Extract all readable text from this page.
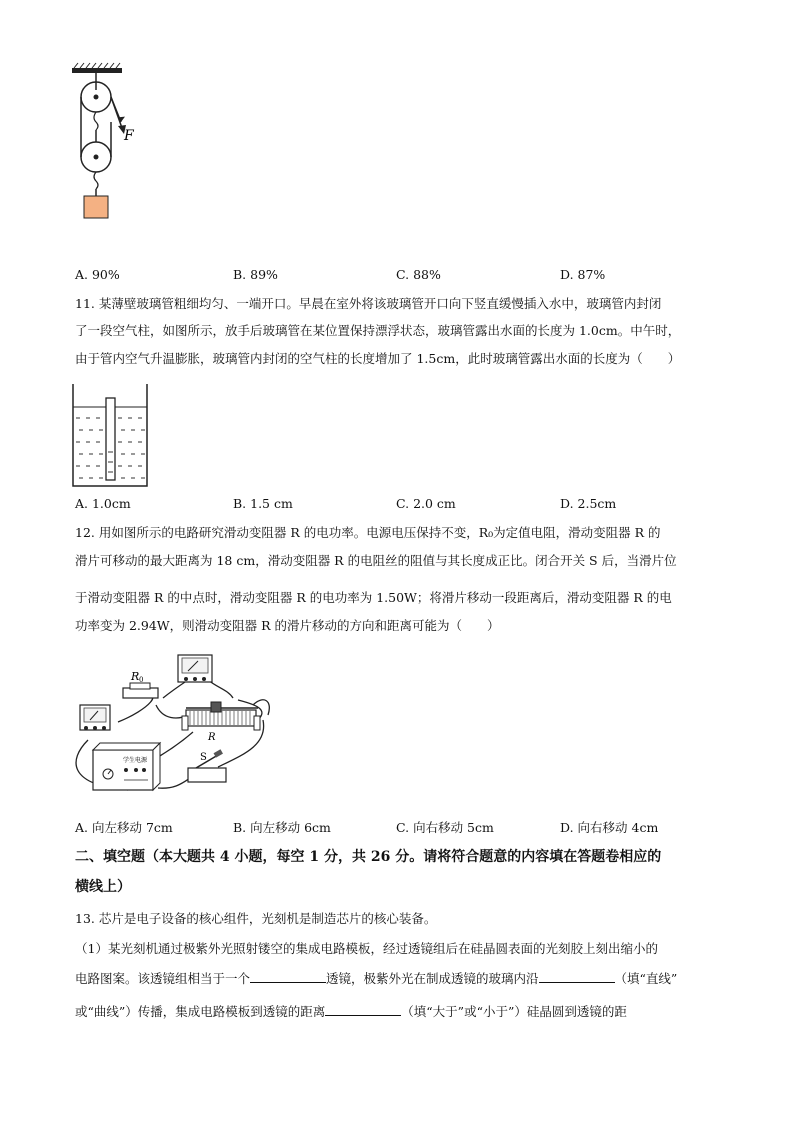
F
A. 90%	B. 89%	C. 88%	D. 87%
11. 某薄壁玻璃管粗细均匀、一端开口。早晨在室外将该玻璃管开口向下竖直缓慢插入水中，玻璃管内封闭
了一段空气柱，如图所示，放手后玻璃管在某位置保持漂浮状态，玻璃管露出水面的长度为 1.0cm。中午时，
由于管内空气升温膨胀，玻璃管内封闭的空气柱的长度增加了 1.5cm，此时玻璃管露出水面的长度为（　　）
A. 1.0cm	B. 1.5 cm	C. 2.0 cm	D. 2.5cm
12. 用如图所示的电路研究滑动变阻器 R 的电功率。电源电压保持不变，R₀为定值电阻，滑动变阻器 R 的
滑片可移动的最大距离为 18 cm，滑动变阻器 R 的电阻丝的阻值与其长度成正比。闭合开关 S 后，当滑片位
于滑动变阻器 R 的中点时，滑动变阻器 R 的电功率为 1.50W；将滑片移动一段距离后，滑动变阻器 R 的电
功率变为 2.94W，则滑动变阻器 R 的滑片移动的方向和距离可能为（　　）
R 0
R
学生电源	S
A. 向左移动 7cm	B. 向左移动 6cm	C. 向右移动 5cm	D. 向右移动 4cm
二、填空题（本大题共 4 小题，每空 1 分，共 26 分。请将符合题意的内容填在答题卷相应的
横线上）
13. 芯片是电子设备的核心组件，光刻机是制造芯片的核心装备。
（1）某光刻机通过极紫外光照射镂空的集成电路模板，经过透镜组后在硅晶圆表面的光刻胶上刻出缩小的
电路图案。该透镜组相当于一个	透镜，极紫外光在制成透镜的玻璃内沿	（填“直线”
或“曲线”）传播，集成电路模板到透镜的距离	（填“大于”或“小于”）硅晶圆到透镜的距
